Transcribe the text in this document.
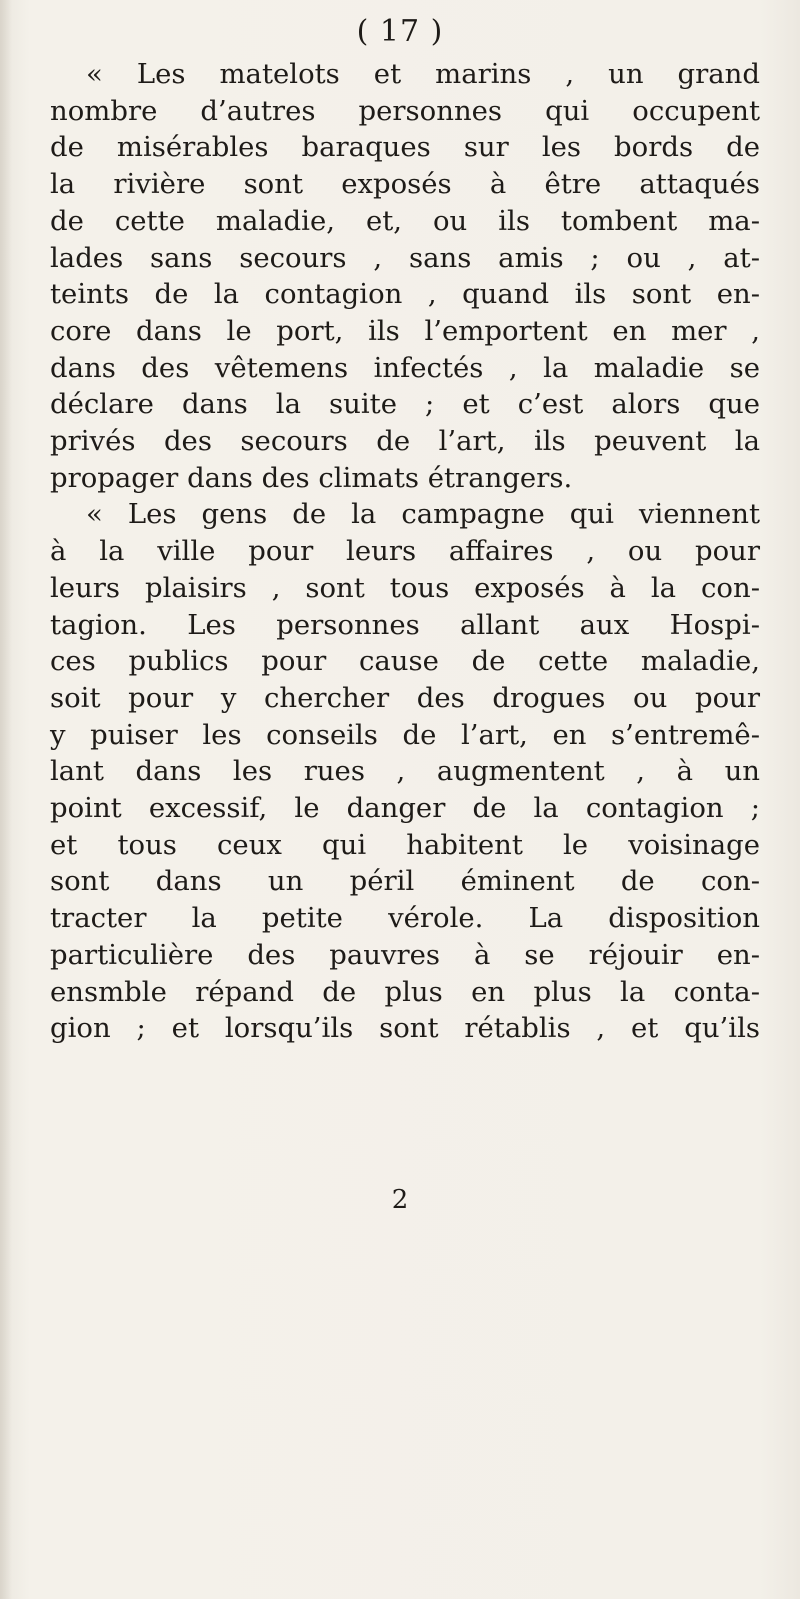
( 17 )
« Les matelots et marins , un grand
nombre d’autres personnes qui occupent
de misérables baraques sur les bords de
la rivière sont exposés à être attaqués
de cette maladie, et, ou ils tombent ma-
lades sans secours , sans amis ; ou , at-
teints de la contagion , quand ils sont en-
core dans le port, ils l’emportent en mer ,
dans des vêtemens infectés , la maladie se
déclare dans la suite ; et c’est alors que
privés des secours de l’art, ils peuvent la
propager dans des climats étrangers.
« Les gens de la campagne qui viennent
à la ville pour leurs affaires , ou pour
leurs plaisirs , sont tous exposés à la con-
tagion. Les personnes allant aux Hospi-
ces publics pour cause de cette maladie,
soit pour y chercher des drogues ou pour
y puiser les conseils de l’art, en s’entremê-
lant dans les rues , augmentent , à un
point excessif, le danger de la contagion ;
et tous ceux qui habitent le voisinage
sont dans un péril éminent de con-
tracter la petite vérole. La disposition
particulière des pauvres à se réjouir en-
ensmble répand de plus en plus la conta-
gion ; et lorsqu’ils sont rétablis , et qu’ils
2
